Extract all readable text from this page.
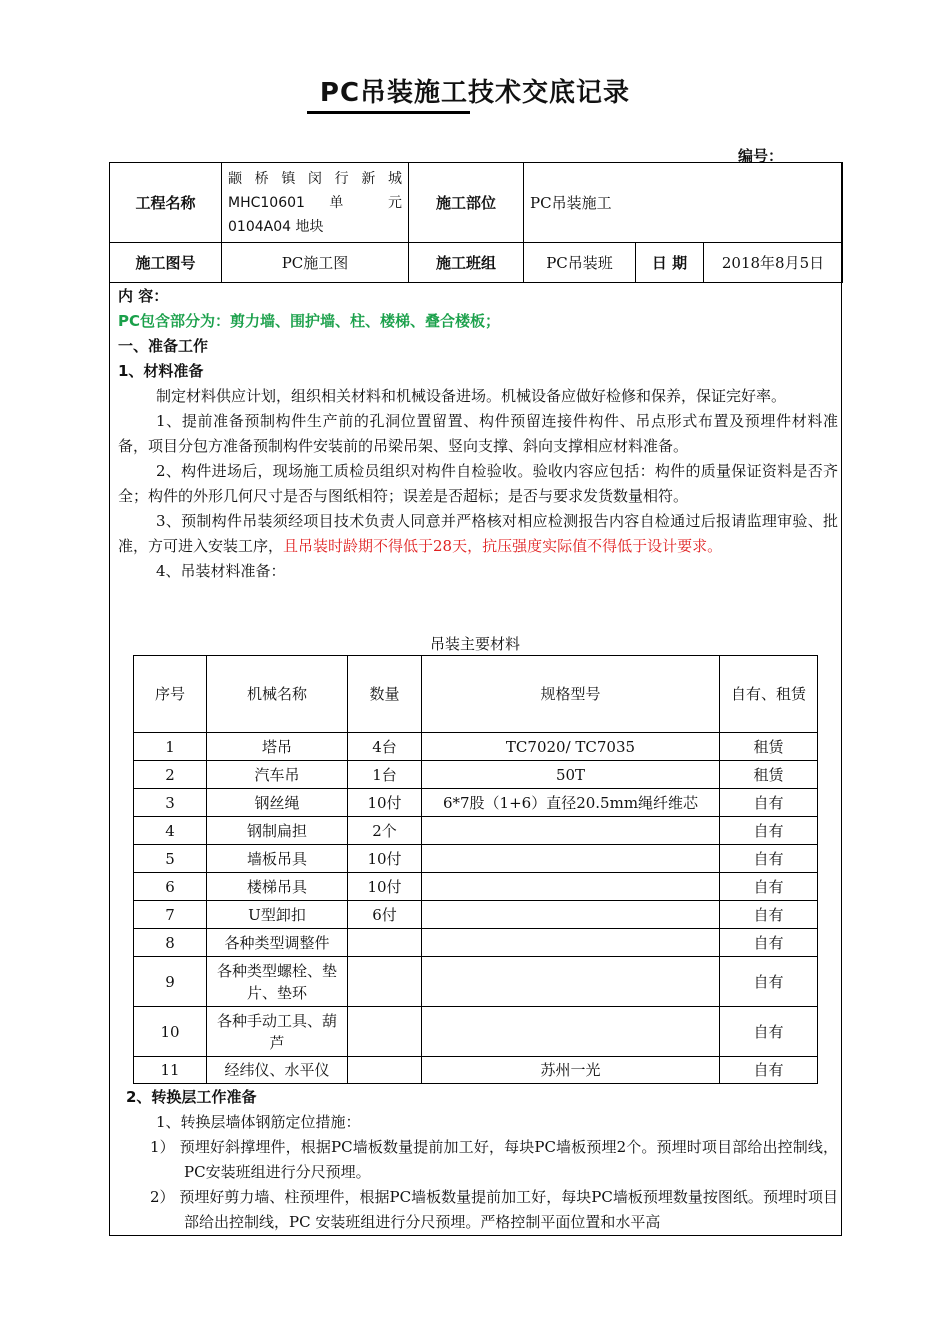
PC吊装施工技术交底记录
编号：
工程名称	颛 桥 镇 闵 行 新 城
MHC10601 单 元
0104A04 地块	施工部位	PC吊装施工		
施工图号	PC施工图	施工班组	PC吊装班	日 期	2018年8月5日

内 容：

PC包含部分为：剪力墙、围护墙、柱、楼梯、叠合楼板；

一、准备工作

1、材料准备

制定材料供应计划，组织相关材料和机械设备进场。机械设备应做好检修和保养，保证完好率。

1、提前准备预制构件生产前的孔洞位置留置、构件预留连接件构件、吊点形式布置及预埋件材料准备，项目分包方准备预制构件安装前的吊梁吊架、竖向支撑、斜向支撑相应材料准备。

2、构件进场后，现场施工质检员组织对构件自检验收。验收内容应包括：构件的质量保证资料是否齐全；构件的外形几何尺寸是否与图纸相符；误差是否超标；是否与要求发货数量相符。

3、预制构件吊装须经项目技术负责人同意并严格核对相应检测报告内容自检通过后报请监理审验、批准，方可进入安装工序，且吊装时龄期不得低于28天，抗压强度实际值不得低于设计要求。

4、吊装材料准备：

吊装主要材料
序号	机械名称	数量	规格型号	自有、租赁
1	塔吊	4台	TC7020/ TC7035	租赁
2	汽车吊	1台	50T	租赁
3	钢丝绳	10付	6*7股（1+6）直径20.5mm绳纤维芯	自有
4	钢制扁担	2个		自有
5	墙板吊具	10付		自有
6	楼梯吊具	10付		自有
7	U型卸扣	6付		自有
8	各种类型调整件			自有
9	各种类型螺栓、垫片、垫环			自有
10	各种手动工具、葫芦			自有
11	经纬仪、水平仪		苏州一光	自有

2、转换层工作准备

1、转换层墙体钢筋定位措施：

1） 预埋好斜撑埋件，根据PC墙板数量提前加工好，每块PC墙板预埋2个。预埋时项目部给出控制线，PC安装班组进行分尺预埋。

2） 预埋好剪力墙、柱预埋件，根据PC墙板数量提前加工好，每块PC墙板预埋数量按图纸。预埋时项目部给出控制线，PC 安装班组进行分尺预埋。严格控制平面位置和水平高
